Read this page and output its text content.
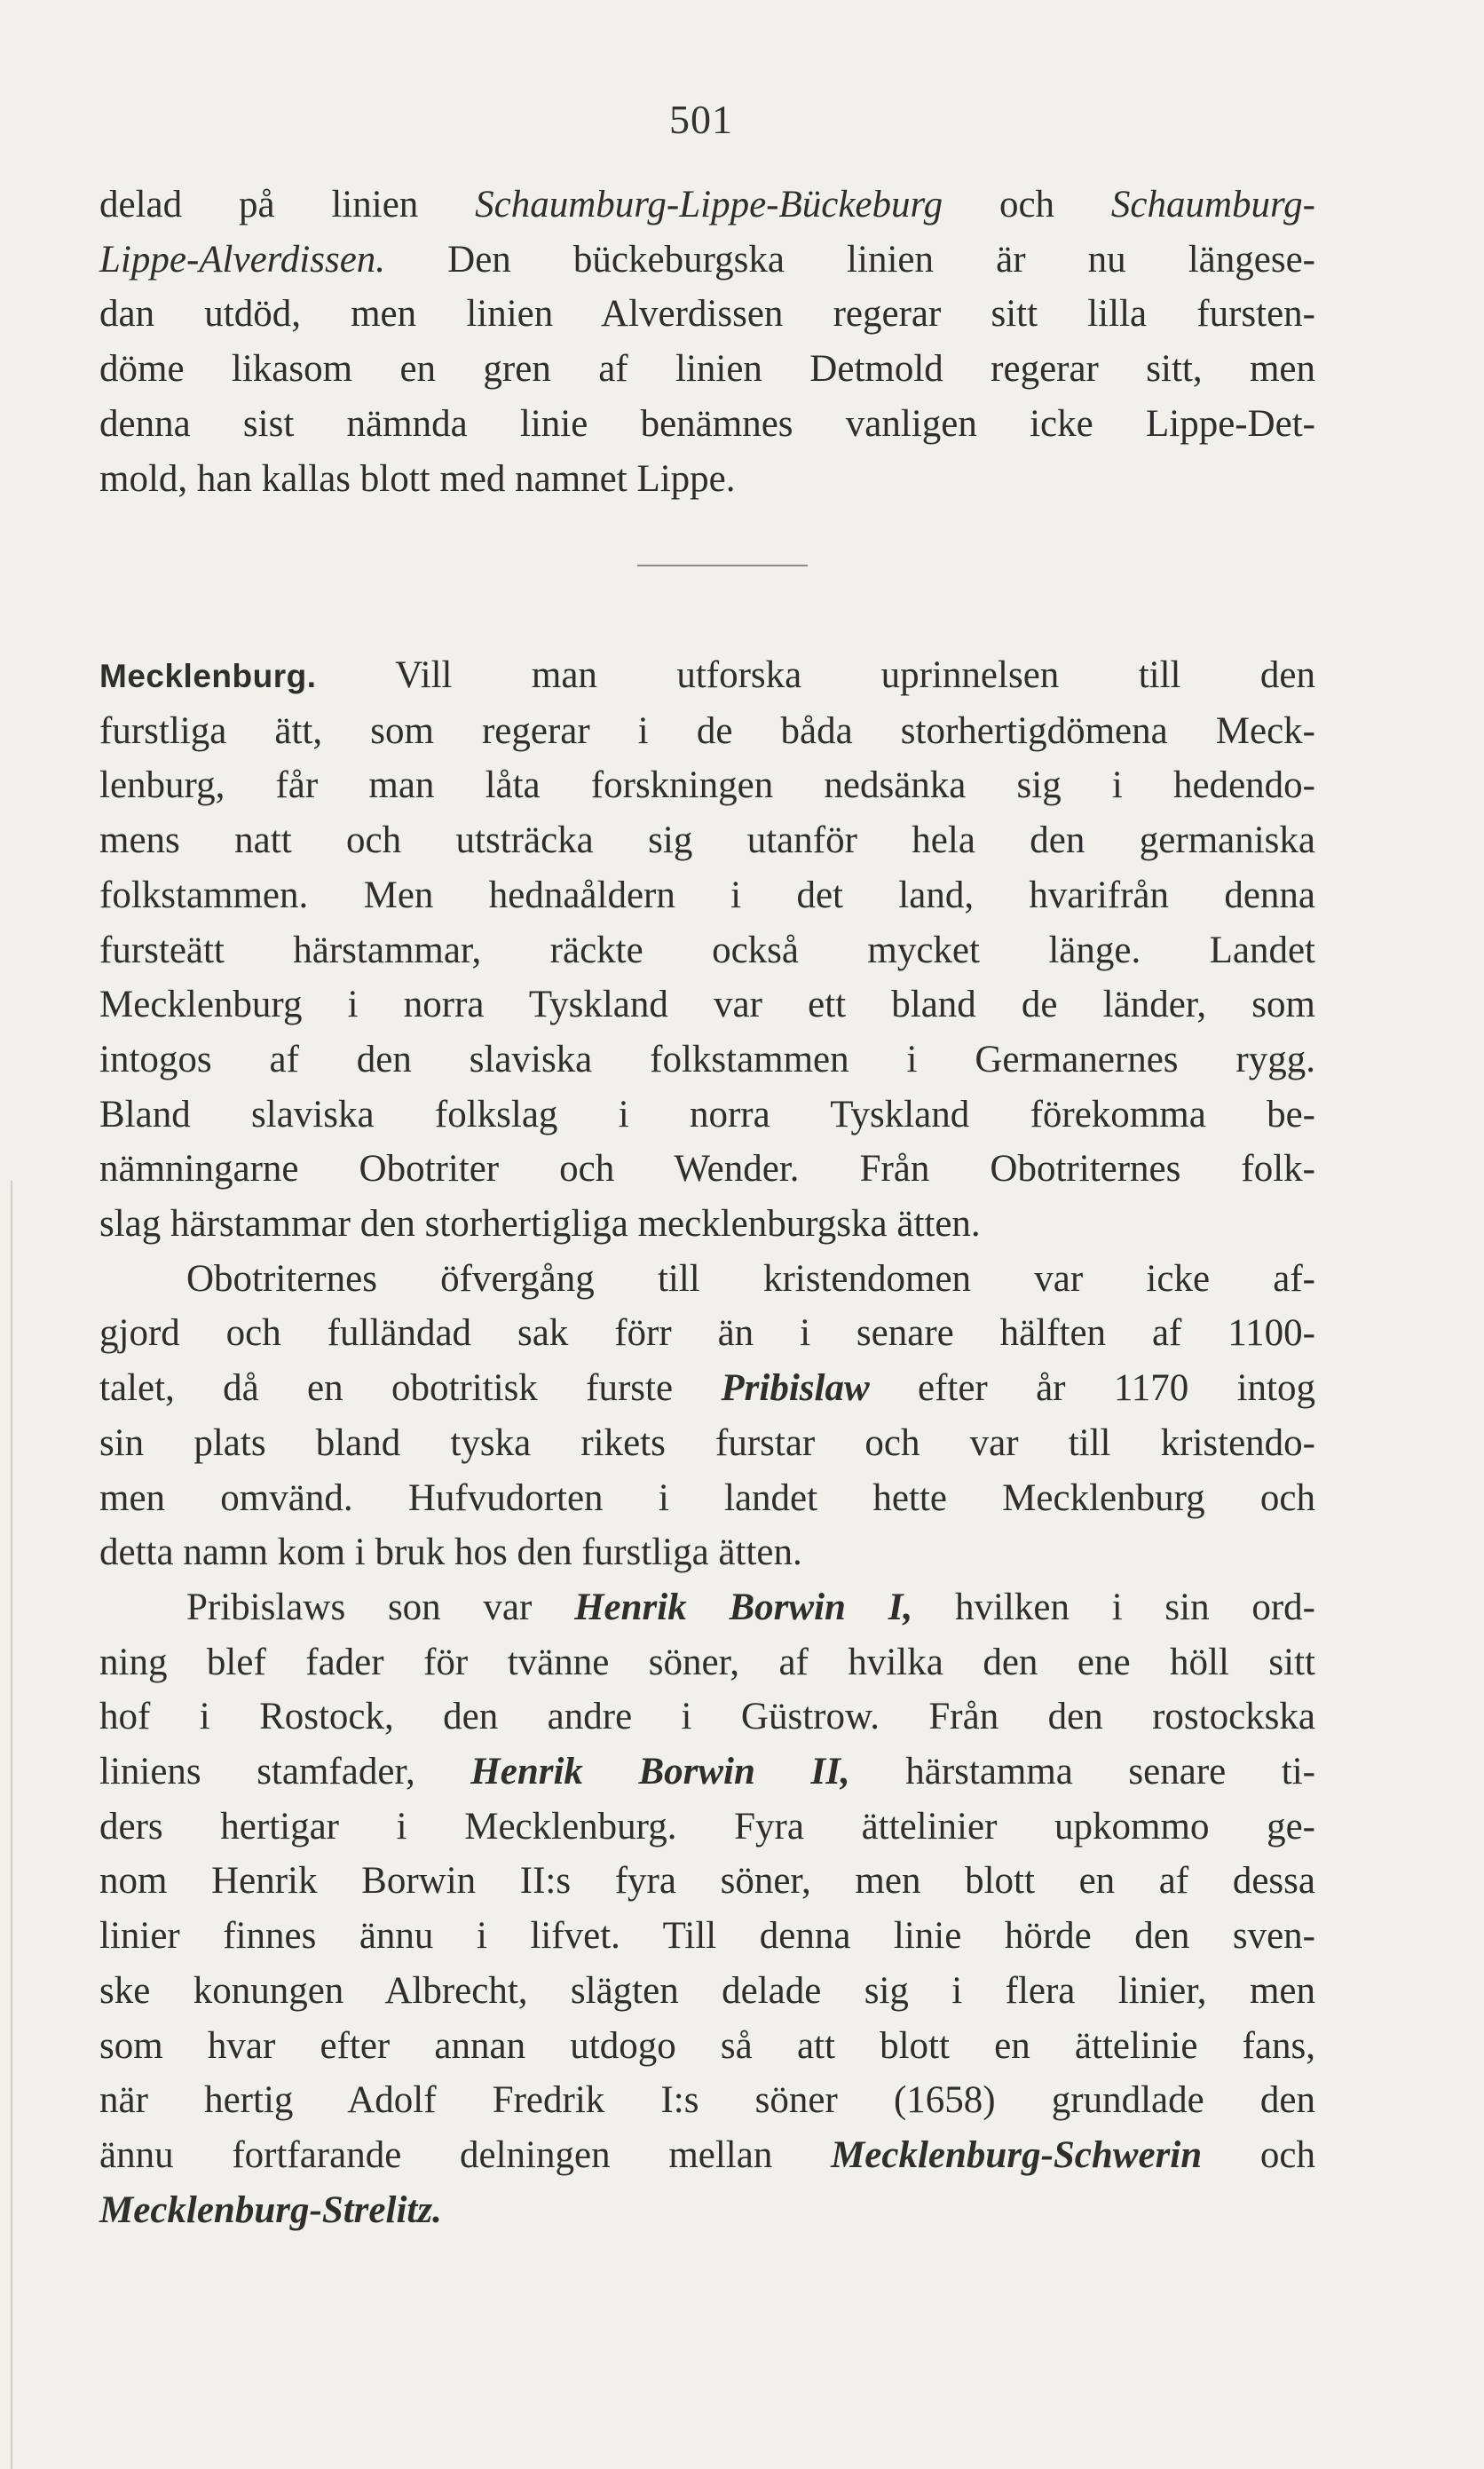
501
delad på linien Schaumburg-Lippe-Bückeburg och Schaumburg-
Lippe-Alverdissen. Den bückeburgska linien är nu längese-
dan utdöd, men linien Alverdissen regerar sitt lilla fursten-
döme likasom en gren af linien Detmold regerar sitt, men
denna sist nämnda linie benämnes vanligen icke Lippe-Det-
mold, han kallas blott med namnet Lippe.
Mecklenburg. Vill man utforska uprinnelsen till den
furstliga ätt, som regerar i de båda storhertigdömena Meck-
lenburg, får man låta forskningen nedsänka sig i hedendo-
mens natt och utsträcka sig utanför hela den germaniska
folkstammen. Men hednaåldern i det land, hvarifrån denna
fursteätt härstammar, räckte också mycket länge. Landet
Mecklenburg i norra Tyskland var ett bland de länder, som
intogos af den slaviska folkstammen i Germanernes rygg.
Bland slaviska folkslag i norra Tyskland förekomma be-
nämningarne Obotriter och Wender. Från Obotriternes folk-
slag härstammar den storhertigliga mecklenburgska ätten.
Obotriternes öfvergång till kristendomen var icke af-
gjord och fulländad sak förr än i senare hälften af 1100-
talet, då en obotritisk furste Pribislaw efter år 1170 intog
sin plats bland tyska rikets furstar och var till kristendo-
men omvänd. Hufvudorten i landet hette Mecklenburg och
detta namn kom i bruk hos den furstliga ätten.
Pribislaws son var Henrik Borwin I, hvilken i sin ord-
ning blef fader för tvänne söner, af hvilka den ene höll sitt
hof i Rostock, den andre i Güstrow. Från den rostockska
liniens stamfader, Henrik Borwin II, härstamma senare ti-
ders hertigar i Mecklenburg. Fyra ättelinier upkommo ge-
nom Henrik Borwin II:s fyra söner, men blott en af dessa
linier finnes ännu i lifvet. Till denna linie hörde den sven-
ske konungen Albrecht, slägten delade sig i flera linier, men
som hvar efter annan utdogo så att blott en ättelinie fans,
när hertig Adolf Fredrik I:s söner (1658) grundlade den
ännu fortfarande delningen mellan Mecklenburg-Schwerin och
Mecklenburg-Strelitz.
